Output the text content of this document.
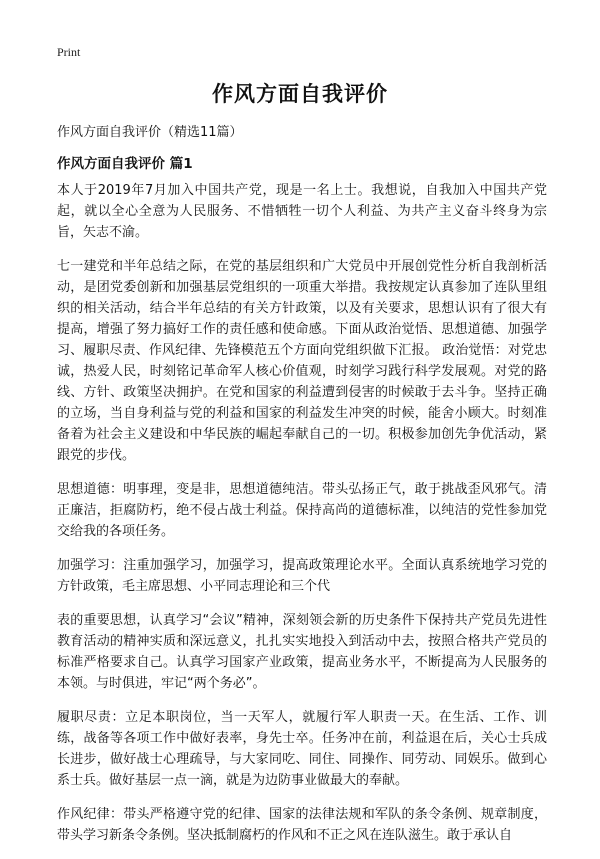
Print
作风方面自我评价
作风方面自我评价（精选11篇）
作风方面自我评价 篇1

本人于2019年7月加入中国共产党，现是一名上士。我想说，自我加入中国共产党起，就以全心全意为人民服务、不惜牺牲一切个人利益、为共产主义奋斗终身为宗旨，矢志不渝。

七一建党和半年总结之际，在党的基层组织和广大党员中开展创党性分析自我剖析活动，是团党委创新和加强基层党组织的一项重大举措。我按规定认真参加了连队里组织的相关活动，结合半年总结的有关方针政策，以及有关要求，思想认识有了很大有提高，增强了努力搞好工作的责任感和使命感。下面从政治觉悟、思想道德、加强学习、履职尽责、作风纪律、先锋模范五个方面向党组织做下汇报。 政治觉悟：对党忠诚，热爱人民，时刻铭记革命军人核心价值观，时刻学习践行科学发展观。对党的路线、方针、政策坚决拥护。在党和国家的利益遭到侵害的时候敢于去斗争。坚持正确的立场，当自身利益与党的利益和国家的利益发生冲突的时候，能舍小顾大。时刻准备着为社会主义建设和中华民族的崛起奉献自己的一切。积极参加创先争优活动，紧跟党的步伐。

思想道德：明事理，变是非，思想道德纯洁。带头弘扬正气，敢于挑战歪风邪气。清正廉洁，拒腐防朽，绝不侵占战士利益。保持高尚的道德标准，以纯洁的党性参加党交给我的各项任务。

加强学习：注重加强学习，加强学习，提高政策理论水平。全面认真系统地学习党的方针政策，毛主席思想、小平同志理论和三个代

表的重要思想，认真学习“会议”精神，深刻领会新的历史条件下保持共产党员先进性教育活动的精神实质和深远意义，扎扎实实地投入到活动中去，按照合格共产党员的标准严格要求自己。认真学习国家产业政策，提高业务水平，不断提高为人民服务的本领。与时俱进，牢记“两个务必”。

履职尽责：立足本职岗位，当一天军人，就履行军人职责一天。在生活、工作、训练，战备等各项工作中做好表率，身先士卒。任务冲在前，利益退在后，关心士兵成长进步，做好战士心理疏导，与大家同吃、同住、同操作、同劳动、同娱乐。做到心系士兵。做好基层一点一滴，就是为边防事业做最大的奉献。

作风纪律：带头严格遵守党的纪律、国家的法律法规和军队的条令条例、规章制度，带头学习新条令条例。坚决抵制腐朽的作风和不正之风在连队滋生。敢于承认自
